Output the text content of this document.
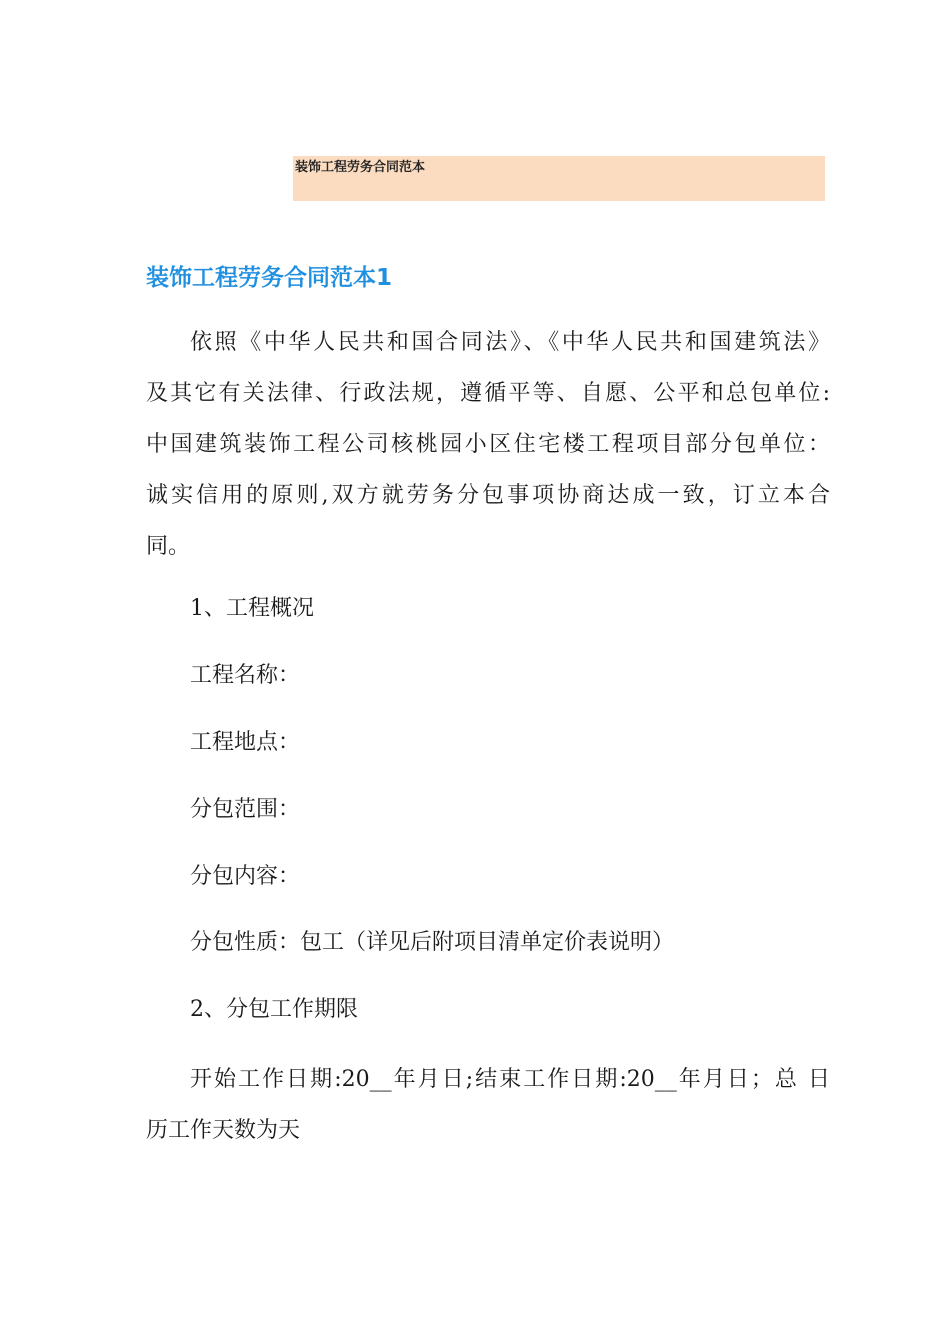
装饰工程劳务合同范本
装饰工程劳务合同范本1
依照《中华人民共和国合同法》、《中华人民共和国建筑法》
及其它有关法律、行政法规，遵循平等、自愿、公平和总包单位:
中国建筑装饰工程公司核桃园小区住宅楼工程项目部分包单位：
诚实信用的原则,双方就劳务分包事项协商达成一致，订立本合
同。
1、工程概况
工程名称：
工程地点：
分包范围：
分包内容：
分包性质：包工（详见后附项目清单定价表说明）
2、分包工作期限
开始工作日期:20__年月日;结束工作日期:20__年月日；总 日
历工作天数为天
